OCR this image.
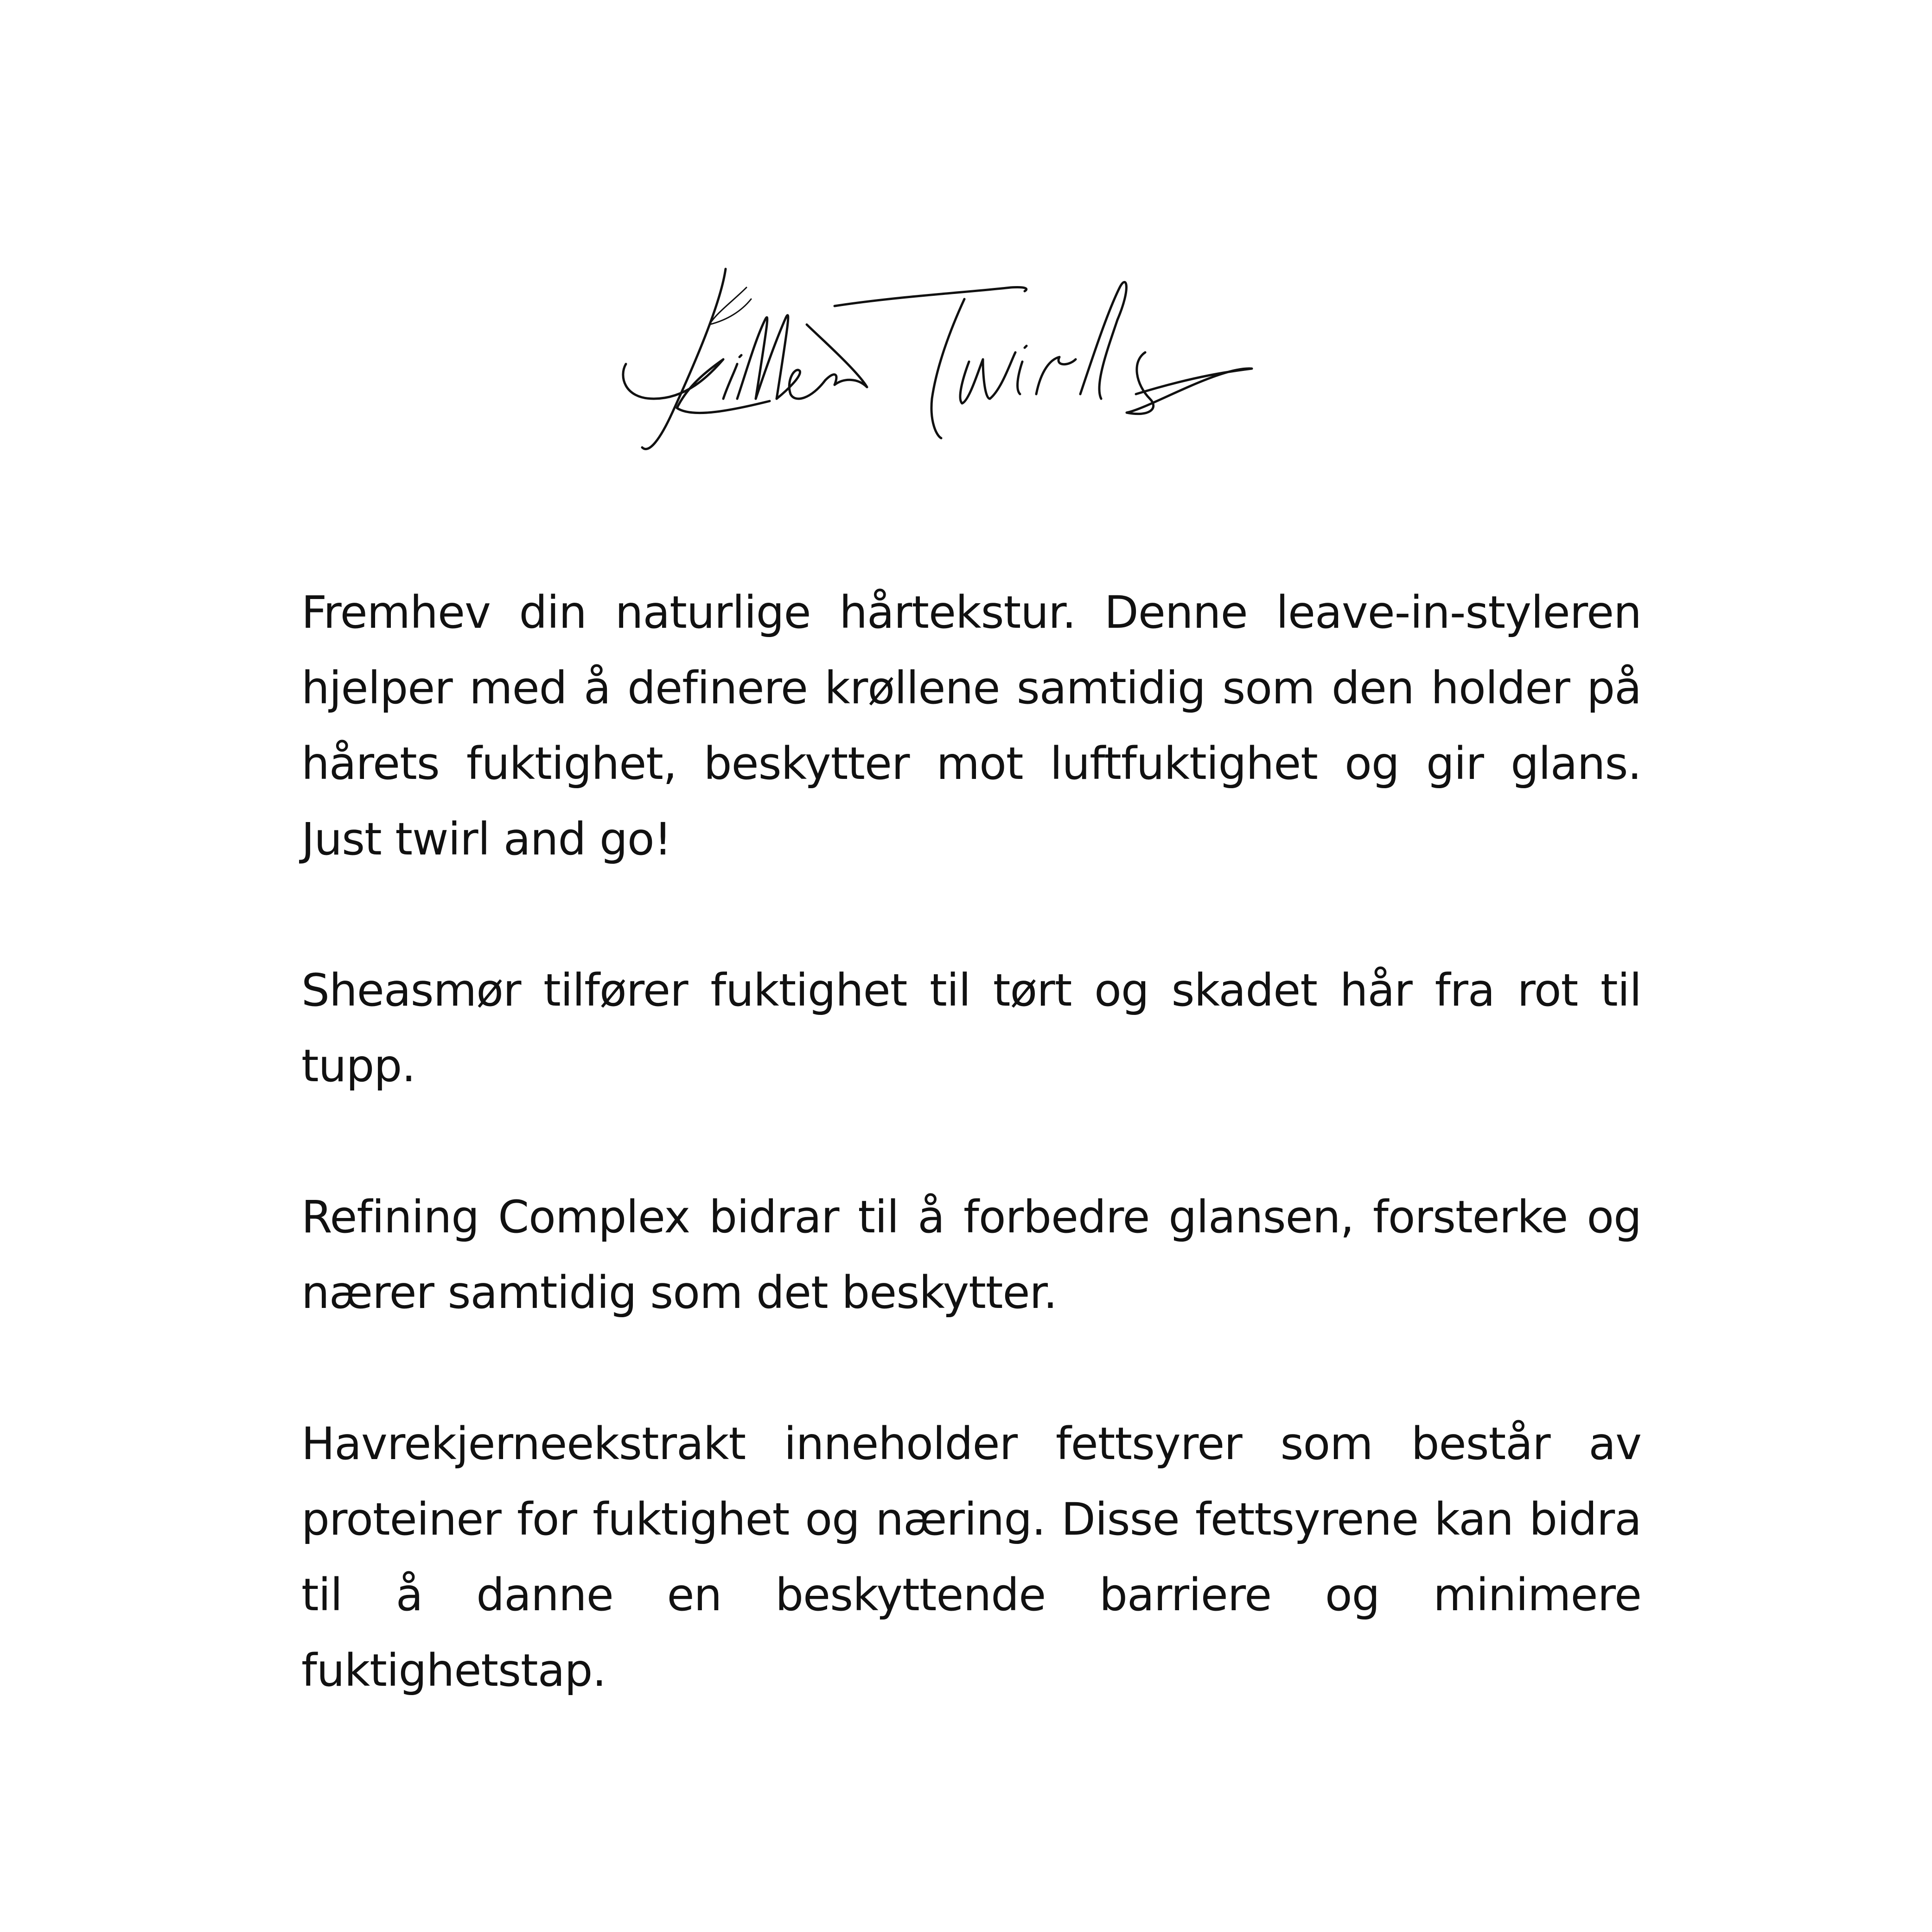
Fremhev din naturlige hårtekstur. Denne leave-in-styleren hjelper med å definere krøllene samtidig som den holder på hårets fuktighet, beskytter mot luftfuktighet og gir glans. Just twirl and go!

Sheasmør tilfører fuktighet til tørt og skadet hår fra rot til tupp.

Refining Complex bidrar til å forbedre glansen, forsterke og nærer samtidig som det beskytter.

Havrekjerneekstrakt inneholder fettsyrer som består av proteiner for fuktighet og næring. Disse fettsyrene kan bidra til å danne en beskyttende barriere og minimere fuktighetstap.
